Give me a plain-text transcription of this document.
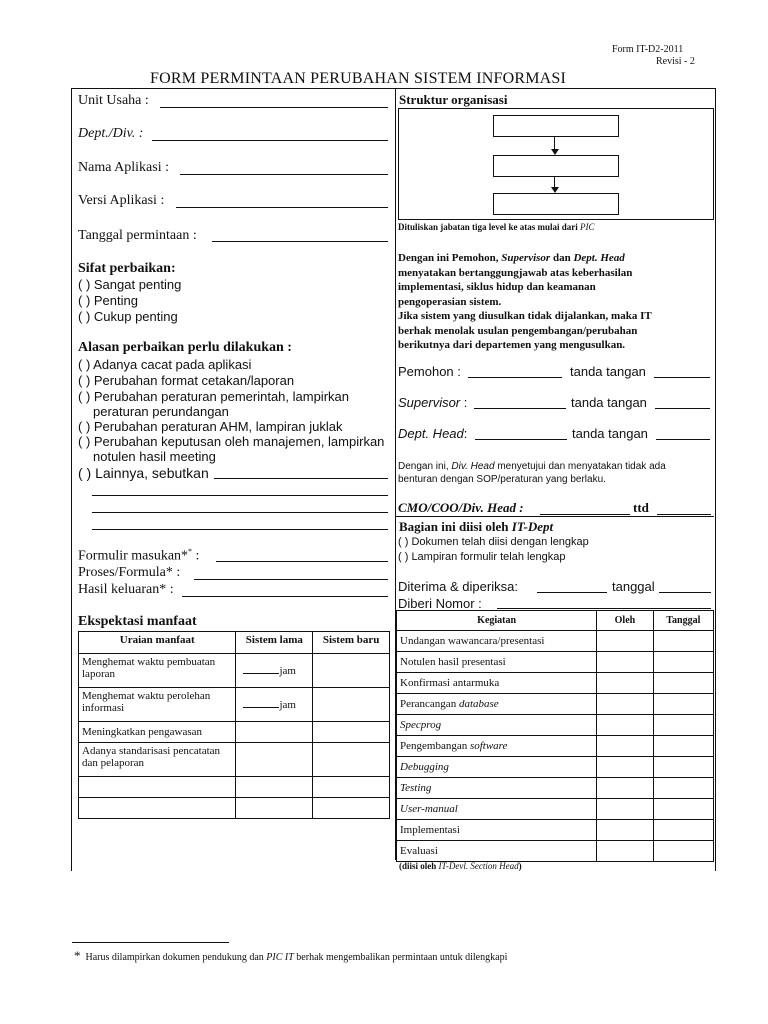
Form IT-D2-2011
Revisi - 2
FORM PERMINTAAN PERUBAHAN SISTEM INFORMASI
Unit Usaha :
Dept./Div. :
Nama Aplikasi :
Versi Aplikasi :
Tanggal permintaan :
Sifat perbaikan:
( ) Sangat penting
( ) Penting
( ) Cukup penting
Alasan perbaikan perlu dilakukan :
( ) Adanya cacat pada aplikasi
( ) Perubahan format cetakan/laporan
( ) Perubahan peraturan pemerintah, lampirkan
peraturan perundangan
( ) Perubahan peraturan AHM, lampiran juklak
( ) Perubahan keputusan oleh manajemen, lampirkan
notulen hasil meeting
( ) Lainnya, sebutkan
Formulir masukan** :
Proses/Formula* :
Hasil keluaran* :
Ekspektasi manfaat
Uraian manfaat	Sistem lama	Sistem baru
Menghemat waktu pembuatan laporan	jam	
Menghemat waktu perolehan informasi	jam	
Meningkatkan pengawasan		
Adanya standarisasi pencatatan dan pelaporan		

Struktur organisasi
Dituliskan jabatan tiga level ke atas mulai dari PIC
Dengan ini Pemohon, Supervisor dan Dept. Head
menyatakan bertanggungjawab atas keberhasilan
implementasi, siklus hidup dan keamanan
pengoperasian sistem.
Jika sistem yang diusulkan tidak dijalankan, maka IT
berhak menolak usulan pengembangan/perubahan
berikutnya dari departemen yang mengusulkan.
Pemohon :	tanda tangan
Supervisor :	tanda tangan
Dept. Head:	tanda tangan
Dengan ini, Div. Head menyetujui dan menyatakan tidak ada
benturan dengan SOP/peraturan yang berlaku.
CMO/COO/Div. Head :	ttd
Bagian ini diisi oleh IT-Dept
( ) Dokumen telah diisi dengan lengkap
( ) Lampiran formulir telah lengkap
Diterima & diperiksa:	tanggal
Diberi Nomor :
Kegiatan	Oleh	Tanggal
Undangan wawancara/presentasi		
Notulen hasil presentasi		
Konfirmasi antarmuka		
Perancangan database		
Specprog		
Pengembangan software		
Debugging		
Testing		
User-manual		
Implementasi		
Evaluasi		
(diisi oleh IT-Devl. Section Head)
* Harus dilampirkan dokumen pendukung dan PIC IT berhak mengembalikan permintaan untuk dilengkapi
